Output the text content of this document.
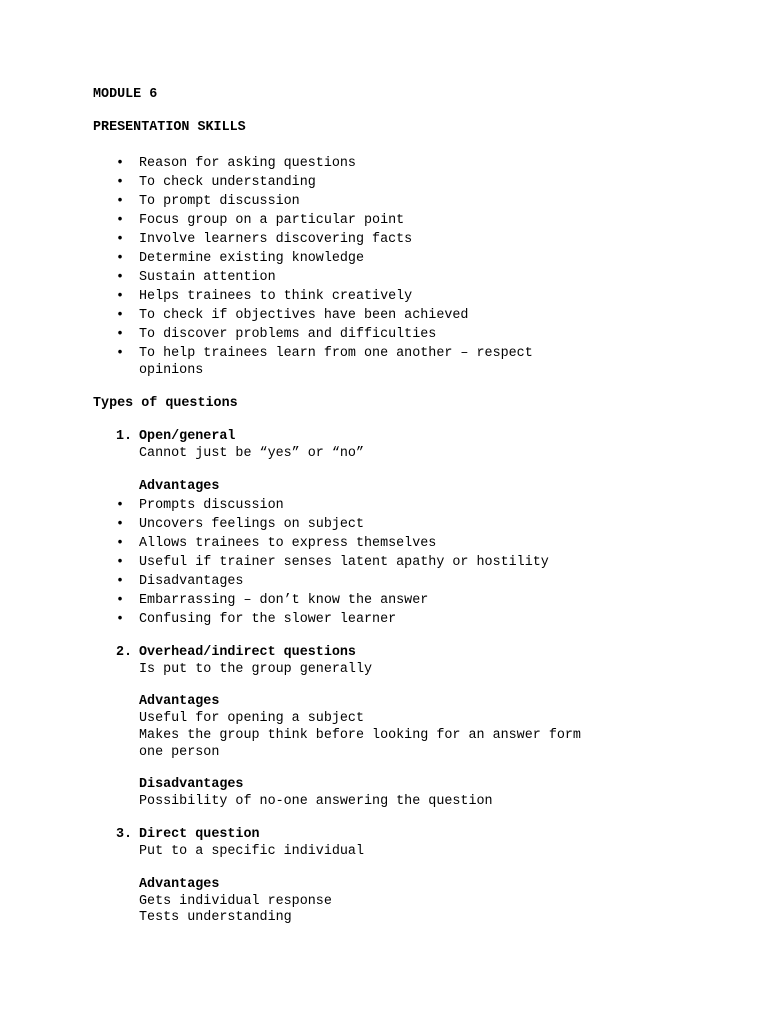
MODULE 6
PRESENTATION SKILLS
• Reason for asking questions
• To check understanding
• To prompt discussion
• Focus group on a particular point
• Involve learners discovering facts
• Determine existing knowledge
• Sustain attention
• Helps trainees to think creatively
• To check if objectives have been achieved
• To discover problems and difficulties
• To help trainees learn from one another – respect
opinions
Types of questions
1. Open/general
Cannot just be “yes” or “no”
Advantages
• Prompts discussion
• Uncovers feelings on subject
• Allows trainees to express themselves
• Useful if trainer senses latent apathy or hostility
• Disadvantages
• Embarrassing – don’t know the answer
• Confusing for the slower learner
2. Overhead/indirect questions
Is put to the group generally
Advantages
Useful for opening a subject
Makes the group think before looking for an answer form
one person
Disadvantages
Possibility of no-one answering the question
3. Direct question
Put to a specific individual
Advantages
Gets individual response
Tests understanding
